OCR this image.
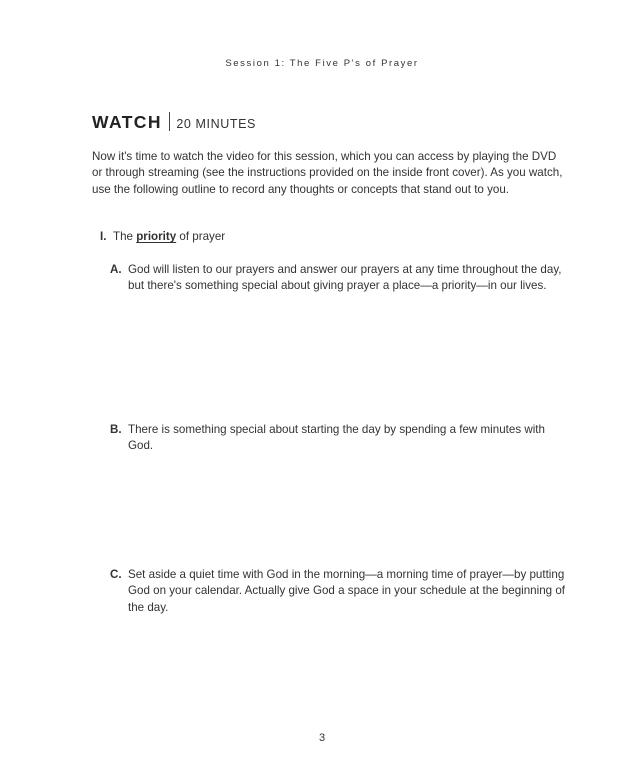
Session 1: The Five P's of Prayer
WATCH 20 MINUTES
Now it's time to watch the video for this session, which you can access by playing the DVD or through streaming (see the instructions provided on the inside front cover). As you watch, use the following outline to record any thoughts or concepts that stand out to you.
I. The priority of prayer
A. God will listen to our prayers and answer our prayers at any time throughout the day, but there's something special about giving prayer a place—a priority—in our lives.
B. There is something special about starting the day by spending a few minutes with God.
C. Set aside a quiet time with God in the morning—a morning time of prayer—by putting God on your calendar. Actually give God a space in your schedule at the beginning of the day.
3
